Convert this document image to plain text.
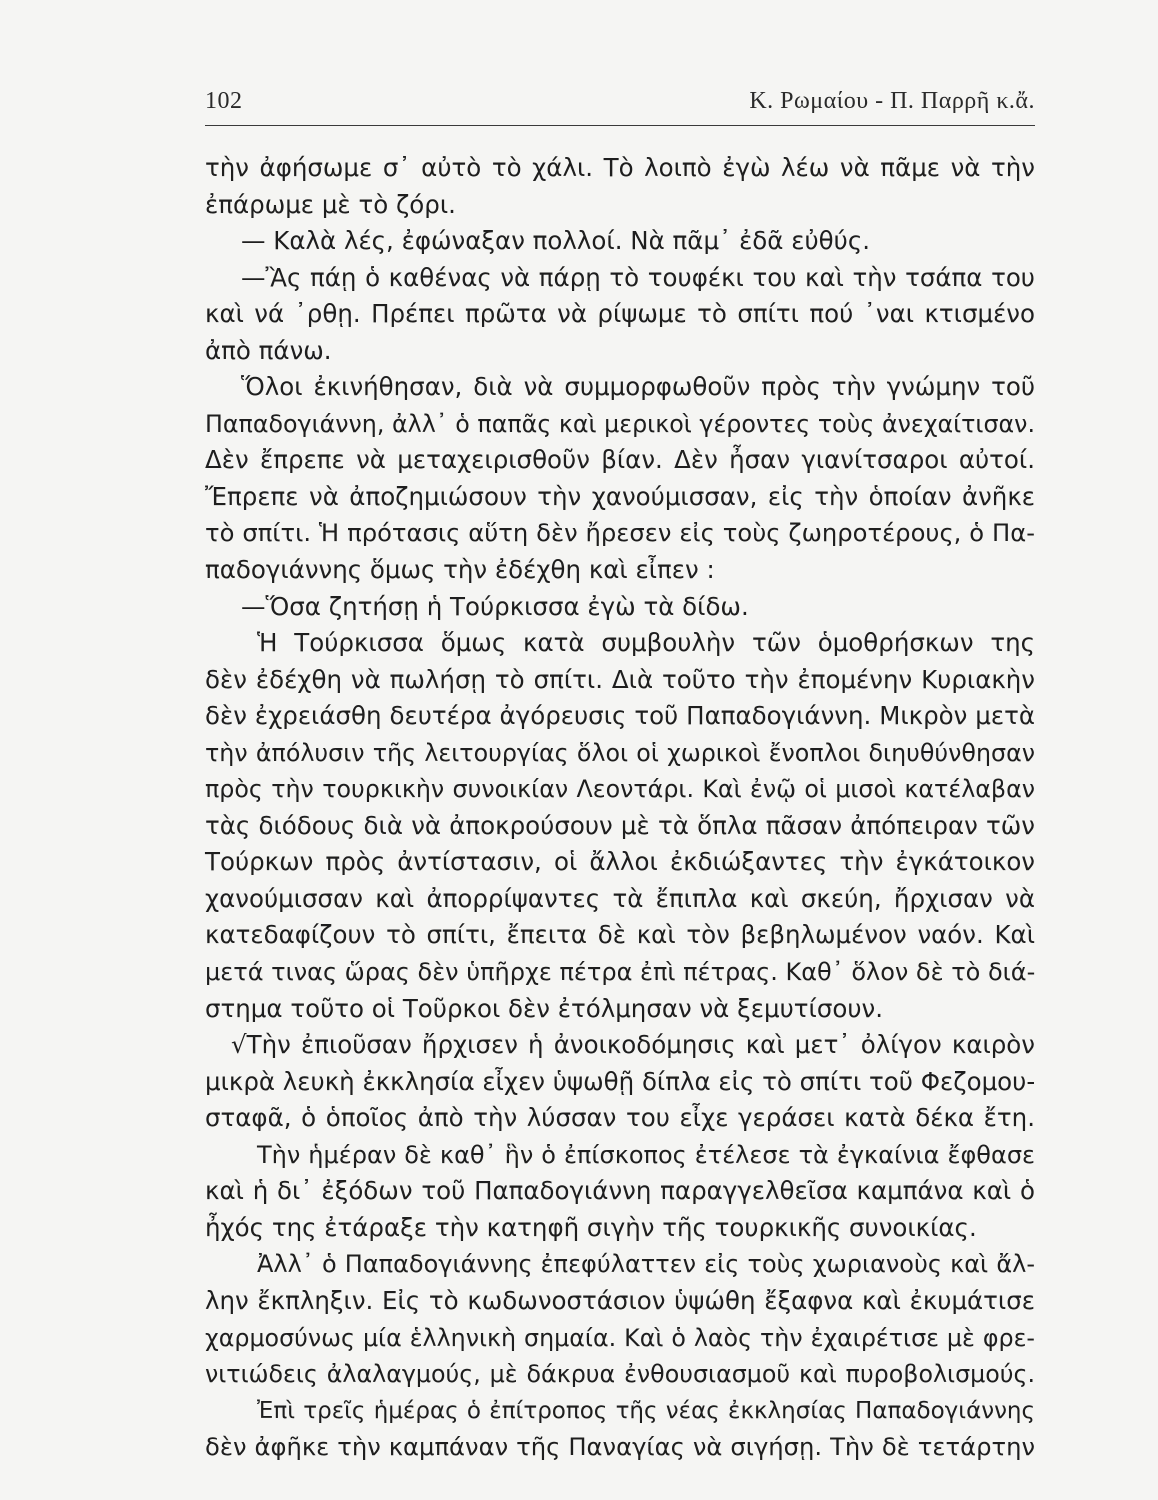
102	Κ. Ρωμαίου - Π. Παρρῆ κ.ἄ.
τὴν ἀφήσωμε σ᾽ αὐτὸ τὸ χάλι. Τὸ λοιπὸ ἐγὼ λέω νὰ πᾶμε νὰ τὴν
ἐπάρωμε μὲ τὸ ζόρι.
— Καλὰ λές, ἐφώναξαν πολλοί. Νὰ πᾶμ᾽ ἐδᾶ εὐθύς.
—Ἂς πάῃ ὁ καθένας νὰ πάρῃ τὸ τουφέκι του καὶ τὴν τσάπα του
καὶ νά ᾽ρθῃ. Πρέπει πρῶτα νὰ ρίψωμε τὸ σπίτι πού ᾽ναι κτισμένο
ἀπὸ πάνω.
Ὅλοι ἐκινήθησαν, διὰ νὰ συμμορφωθοῦν πρὸς τὴν γνώμην τοῦ
Παπαδογιάννη, ἀλλ᾽ ὁ παπᾶς καὶ μερικοὶ γέροντες τοὺς ἀνεχαίτισαν.
Δὲν ἔπρεπε νὰ μεταχειρισθοῦν βίαν. Δὲν ἦσαν γιανίτσαροι αὐτοί.
Ἔπρεπε νὰ ἀποζημιώσουν τὴν χανούμισσαν, εἰς τὴν ὁποίαν ἀνῆκε
τὸ σπίτι. Ἡ πρότασις αὕτη δὲν ἤρεσεν εἰς τοὺς ζωηροτέρους, ὁ Πα-
παδογιάννης ὅμως τὴν ἐδέχθη καὶ εἶπεν :
—Ὅσα ζητήσῃ ἡ Τούρκισσα ἐγὼ τὰ δίδω.
Ἡ Τούρκισσα ὅμως κατὰ συμβουλὴν τῶν ὁμοθρήσκων της
δὲν ἐδέχθη νὰ πωλήσῃ τὸ σπίτι. Διὰ τοῦτο τὴν ἐπομένην Κυριακὴν
δὲν ἐχρειάσθη δευτέρα ἀγόρευσις τοῦ Παπαδογιάννη. Μικρὸν μετὰ
τὴν ἀπόλυσιν τῆς λειτουργίας ὅλοι οἱ χωρικοὶ ἔνοπλοι διηυθύνθησαν
πρὸς τὴν τουρκικὴν συνοικίαν Λεοντάρι. Καὶ ἐνῷ οἱ μισοὶ κατέλαβαν
τὰς διόδους διὰ νὰ ἀποκρούσουν μὲ τὰ ὅπλα πᾶσαν ἀπόπειραν τῶν
Τούρκων πρὸς ἀντίστασιν, οἱ ἄλλοι ἐκδιώξαντες τὴν ἐγκάτοικον
χανούμισσαν καὶ ἀπορρίψαντες τὰ ἔπιπλα καὶ σκεύη, ἤρχισαν νὰ
κατεδαφίζουν τὸ σπίτι, ἔπειτα δὲ καὶ τὸν βεβηλωμένον ναόν. Καὶ
μετά τινας ὥρας δὲν ὑπῆρχε πέτρα ἐπὶ πέτρας. Καθ᾽ ὅλον δὲ τὸ διά-
στημα τοῦτο οἱ Τοῦρκοι δὲν ἐτόλμησαν νὰ ξεμυτίσουν.
√Τὴν ἐπιοῦσαν ἤρχισεν ἡ ἀνοικοδόμησις καὶ μετ᾽ ὀλίγον καιρὸν
μικρὰ λευκὴ ἐκκλησία εἶχεν ὑψωθῇ δίπλα εἰς τὸ σπίτι τοῦ Φεζομου-
σταφᾶ, ὁ ὁποῖος ἀπὸ τὴν λύσσαν του εἶχε γεράσει κατὰ δέκα ἔτη.
Τὴν ἡμέραν δὲ καθ᾽ ἣν ὁ ἐπίσκοπος ἐτέλεσε τὰ ἐγκαίνια ἔφθασε
καὶ ἡ δι᾽ ἐξόδων τοῦ Παπαδογιάννη παραγγελθεῖσα καμπάνα καὶ ὁ
ἦχός της ἐτάραξε τὴν κατηφῆ σιγὴν τῆς τουρκικῆς συνοικίας.
Ἀλλ᾽ ὁ Παπαδογιάννης ἐπεφύλαττεν εἰς τοὺς χωριανοὺς καὶ ἄλ-
λην ἔκπληξιν. Εἰς τὸ κωδωνοστάσιον ὑψώθη ἔξαφνα καὶ ἐκυμάτισε
χαρμοσύνως μία ἑλληνικὴ σημαία. Καὶ ὁ λαὸς τὴν ἐχαιρέτισε μὲ φρε-
νιτιώδεις ἀλαλαγμούς, μὲ δάκρυα ἐνθουσιασμοῦ καὶ πυροβολισμούς.
Ἐπὶ τρεῖς ἡμέρας ὁ ἐπίτροπος τῆς νέας ἐκκλησίας Παπαδογιάννης
δὲν ἀφῆκε τὴν καμπάναν τῆς Παναγίας νὰ σιγήσῃ. Τὴν δὲ τετάρτην
